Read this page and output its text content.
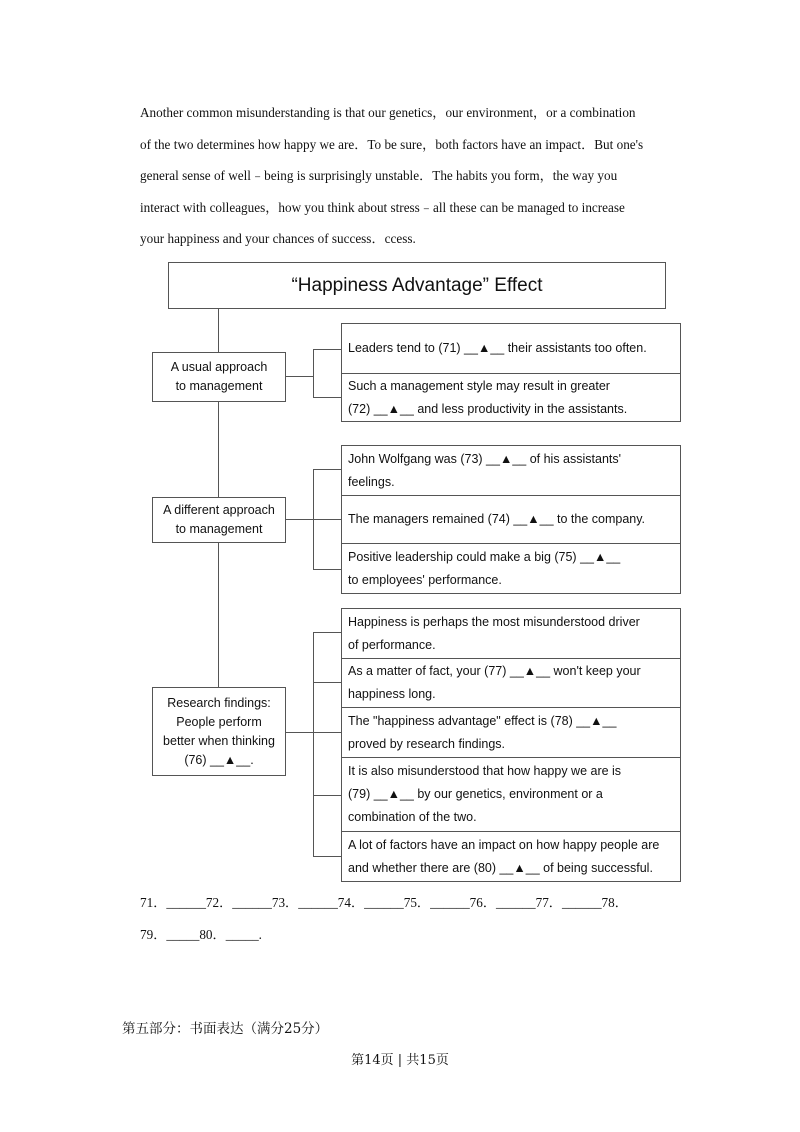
Another common misunderstanding is that our genetics，our environment，or a combination

of the two determines how happy we are．To be sure，both factors have an impact．But one's

general sense of well﹣being is surprisingly unstable．The habits you form，the way you

interact with colleagues，how you think about stress﹣all these can be managed to increase

your happiness and your chances of success．ccess.

“Happiness Advantage” Effect
A usual approach
to management
Leaders tend to (71) __▲__ their assistants too often.
Such a management style may result in greater
(72) __▲__ and less productivity in the assistants.
A different approach
to management
John Wolfgang was (73) __▲__ of his assistants'
feelings.
The managers remained (74) __▲__ to the company.
Positive leadership could make a big (75) __▲__
to employees' performance.
Research findings:
People perform
better when thinking
(76) __▲__.
Happiness is perhaps the most misunderstood driver
of performance.
As a matter of fact, your (77) __▲__ won't keep your
happiness long.
The "happiness advantage" effect is (78) __▲__
proved by research findings.
It is also misunderstood that how happy we are is
(79) __▲__ by our genetics, environment or a
combination of the two.
A lot of factors have an impact on how happy people are
and whether there are (80) __▲__ of being successful.
71．______72．______73．______74．______75．______76．______77．______78．
79．_____80．_____.
第五部分：书面表达（满分25分）
第14页 | 共15页
